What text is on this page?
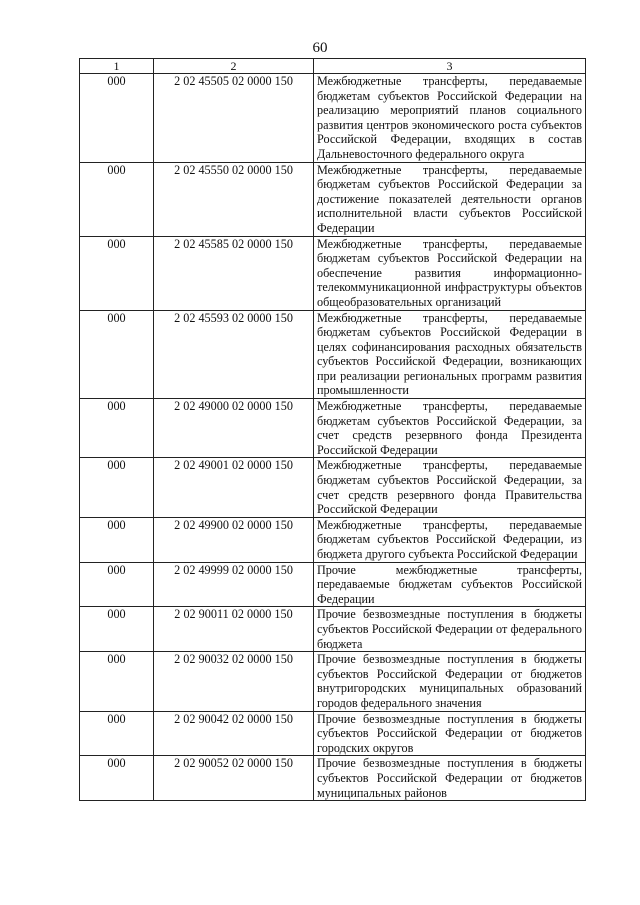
60
1	2	3
000	2 02 45505 02 0000 150	Межбюджетные трансферты, передаваемые бюджетам субъектов Российской Федерации на реализацию мероприятий планов социального развития центров экономического роста субъектов Российской Федерации, входящих в состав Дальневосточного федерального округа
000	2 02 45550 02 0000 150	Межбюджетные трансферты, передаваемые бюджетам субъектов Российской Федерации за достижение показателей деятельности органов исполнительной власти субъектов Российской Федерации
000	2 02 45585 02 0000 150	Межбюджетные трансферты, передаваемые бюджетам субъектов Российской Федерации на обеспечение развития информационно- телекоммуникационной инфраструктуры объектов общеобразовательных организаций
000	2 02 45593 02 0000 150	Межбюджетные трансферты, передаваемые бюджетам субъектов Российской Федерации в целях софинансирования расходных обязательств субъектов Российской Федерации, возникающих при реализации региональных программ развития промышленности
000	2 02 49000 02 0000 150	Межбюджетные трансферты, передаваемые бюджетам субъектов Российской Федерации, за счет средств резервного фонда Президента Российской Федерации
000	2 02 49001 02 0000 150	Межбюджетные трансферты, передаваемые бюджетам субъектов Российской Федерации, за счет средств резервного фонда Правительства Российской Федерации
000	2 02 49900 02 0000 150	Межбюджетные трансферты, передаваемые бюджетам субъектов Российской Федерации, из бюджета другого субъекта Российской Федерации
000	2 02 49999 02 0000 150	Прочие межбюджетные трансферты, передаваемые бюджетам субъектов Российской Федерации
000	2 02 90011 02 0000 150	Прочие безвозмездные поступления в бюджеты субъектов Российской Федерации от федерального бюджета
000	2 02 90032 02 0000 150	Прочие безвозмездные поступления в бюджеты субъектов Российской Федерации от бюджетов внутригородских муниципальных образований городов федерального значения
000	2 02 90042 02 0000 150	Прочие безвозмездные поступления в бюджеты субъектов Российской Федерации от бюджетов городских округов
000	2 02 90052 02 0000 150	Прочие безвозмездные поступления в бюджеты субъектов Российской Федерации от бюджетов муниципальных районов
